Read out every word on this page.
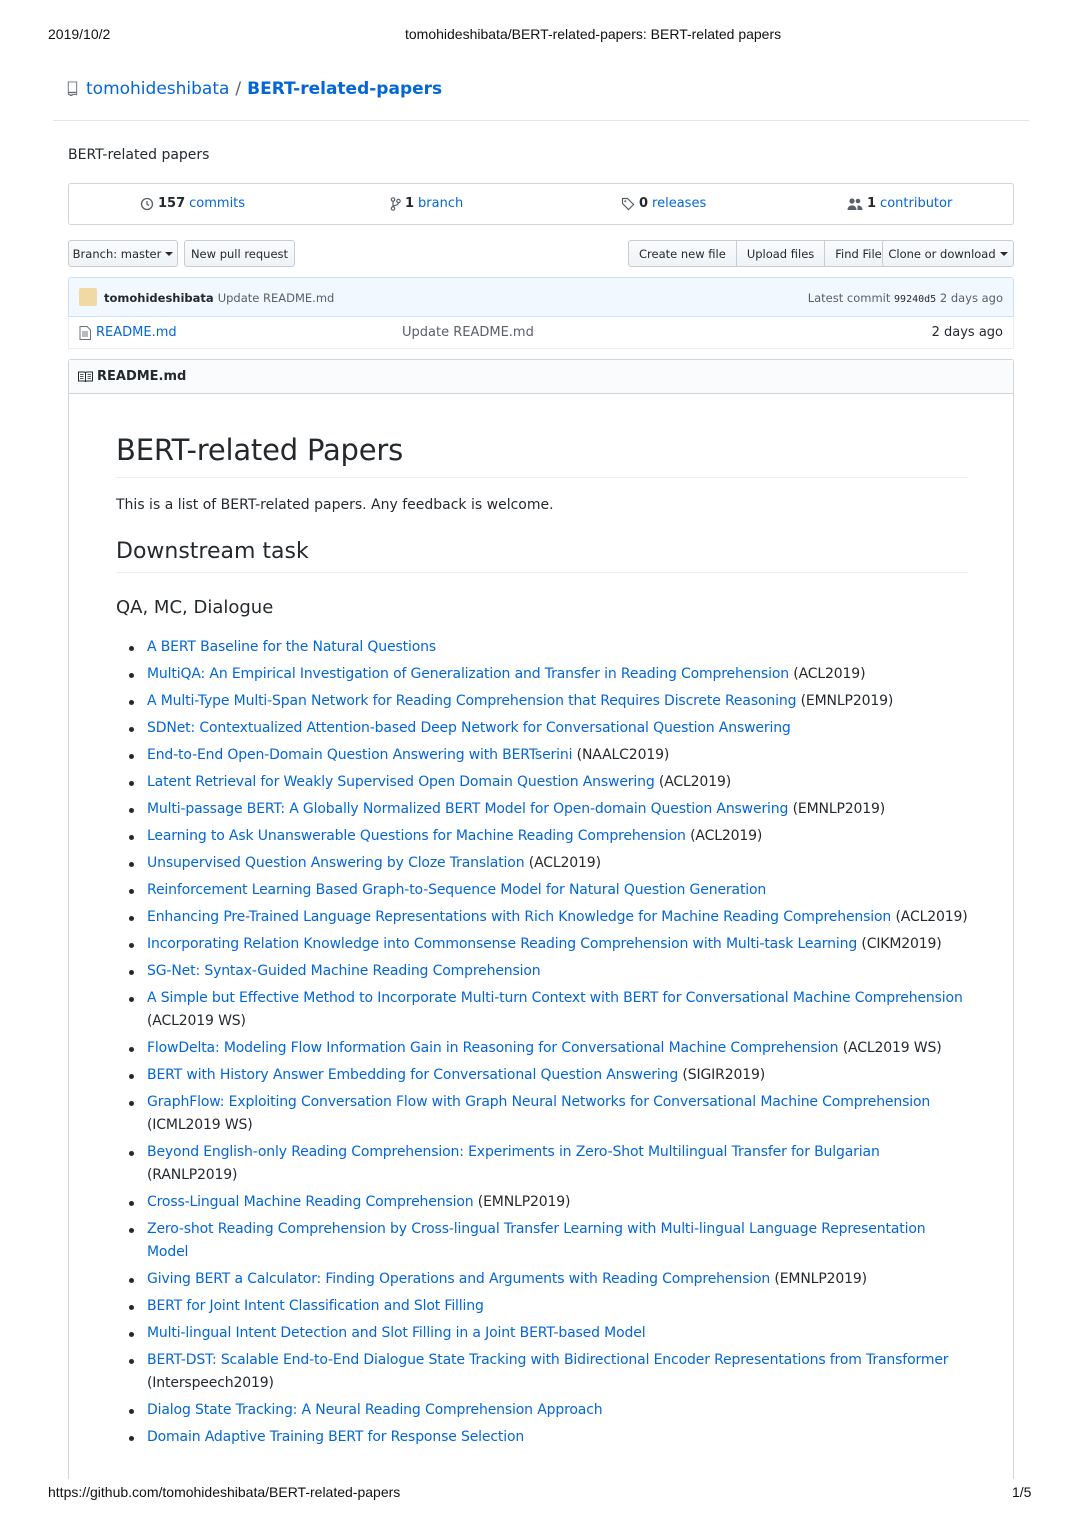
2019/10/2	tomohideshibata/BERT-related-papers: BERT-related papers
tomohideshibata / BERT-related-papers
BERT-related papers
157 commits	1 branch	0 releases	1 contributor
Branch: master	New pull request	Create new file	Upload files	Find File Clone or download
tomohideshibata Update README.md	Latest commit 99240d5 2 days ago
README.md	Update README.md	2 days ago
README.md
BERT-related Papers

This is a list of BERT-related papers. Any feedback is welcome.

Downstream task
QA, MC, Dialogue
A BERT Baseline for the Natural Questions
MultiQA: An Empirical Investigation of Generalization and Transfer in Reading Comprehension (ACL2019)
A Multi-Type Multi-Span Network for Reading Comprehension that Requires Discrete Reasoning (EMNLP2019)
SDNet: Contextualized Attention-based Deep Network for Conversational Question Answering
End-to-End Open-Domain Question Answering with BERTserini (NAALC2019)
Latent Retrieval for Weakly Supervised Open Domain Question Answering (ACL2019)
Multi-passage BERT: A Globally Normalized BERT Model for Open-domain Question Answering (EMNLP2019)
Learning to Ask Unanswerable Questions for Machine Reading Comprehension (ACL2019)
Unsupervised Question Answering by Cloze Translation (ACL2019)
Reinforcement Learning Based Graph-to-Sequence Model for Natural Question Generation
Enhancing Pre-Trained Language Representations with Rich Knowledge for Machine Reading Comprehension (ACL2019)
Incorporating Relation Knowledge into Commonsense Reading Comprehension with Multi-task Learning (CIKM2019)
SG-Net: Syntax-Guided Machine Reading Comprehension
A Simple but Effective Method to Incorporate Multi-turn Context with BERT for Conversational Machine Comprehension (ACL2019 WS)
FlowDelta: Modeling Flow Information Gain in Reasoning for Conversational Machine Comprehension (ACL2019 WS)
BERT with History Answer Embedding for Conversational Question Answering (SIGIR2019)
GraphFlow: Exploiting Conversation Flow with Graph Neural Networks for Conversational Machine Comprehension (ICML2019 WS)
Beyond English-only Reading Comprehension: Experiments in Zero-Shot Multilingual Transfer for Bulgarian (RANLP2019)
Cross-Lingual Machine Reading Comprehension (EMNLP2019)
Zero-shot Reading Comprehension by Cross-lingual Transfer Learning with Multi-lingual Language Representation Model
Giving BERT a Calculator: Finding Operations and Arguments with Reading Comprehension (EMNLP2019)
BERT for Joint Intent Classification and Slot Filling
Multi-lingual Intent Detection and Slot Filling in a Joint BERT-based Model
BERT-DST: Scalable End-to-End Dialogue State Tracking with Bidirectional Encoder Representations from Transformer (Interspeech2019)
Dialog State Tracking: A Neural Reading Comprehension Approach
Domain Adaptive Training BERT for Response Selection
https://github.com/tomohideshibata/BERT-related-papers	1/5
